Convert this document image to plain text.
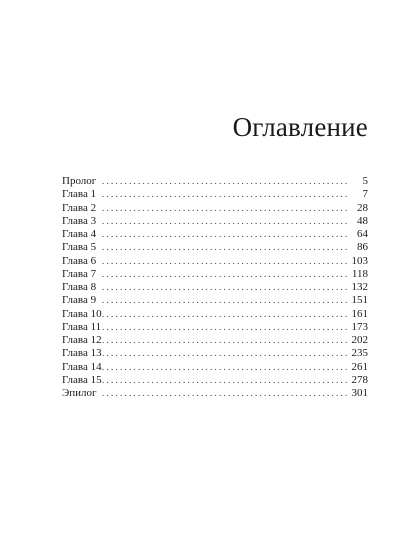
Оглавление
Пролог . . .	5
Глава 1 . . .	7
Глава 2 . . .	28
Глава 3 . . .	48
Глава 4 . . .	64
Глава 5 . . .	86
Глава 6 . . .	103
Глава 7 . . .	118
Глава 8 . . .	132
Глава 9 . . .	151
Глава 10 . . .	161
Глава 11 . . .	173
Глава 12 . . .	202
Глава 13 . . .	235
Глава 14 . . .	261
Глава 15 . . .	278
Эпилог . . .	301
